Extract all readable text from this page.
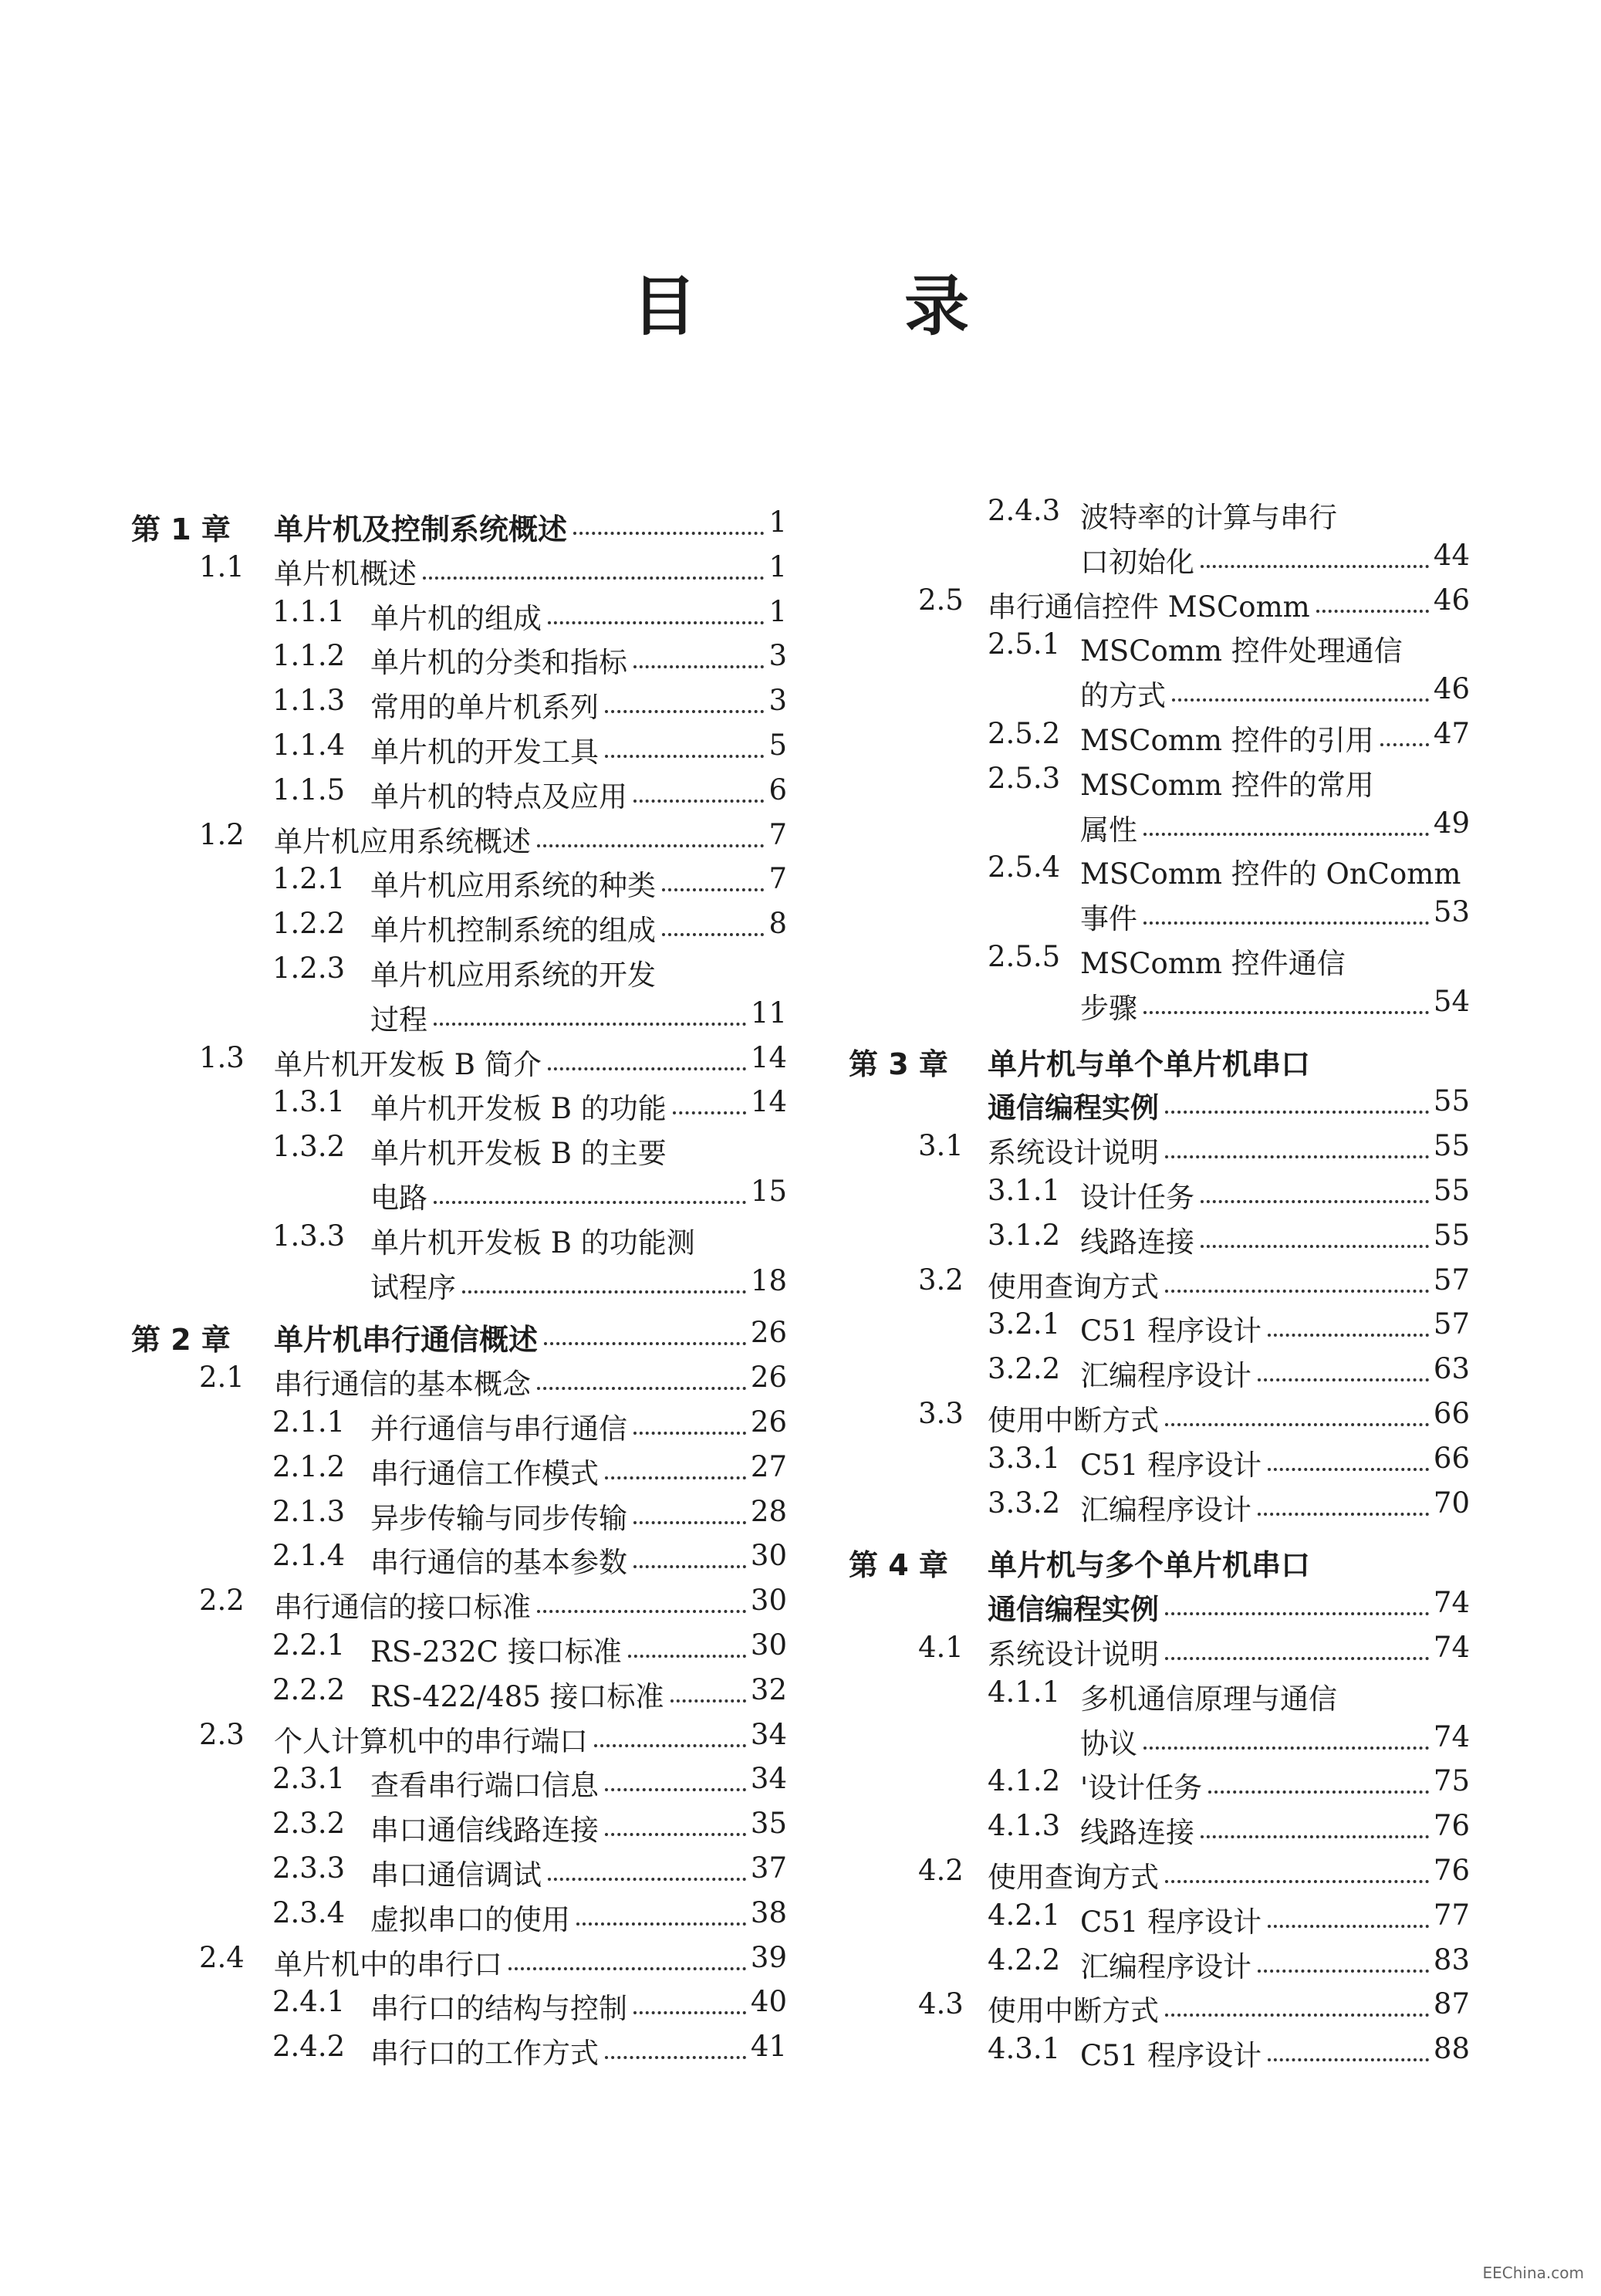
目 录
第 1 章 单片机及控制系统概述	1
1.1 单片机概述	1
1.1.1 单片机的组成	1
1.1.2 单片机的分类和指标	3
1.1.3 常用的单片机系列	3
1.1.4 单片机的开发工具	5
1.1.5 单片机的特点及应用	6
1.2 单片机应用系统概述	7
1.2.1 单片机应用系统的种类	7
1.2.2 单片机控制系统的组成	8
1.2.3 单片机应用系统的开发
过程	11
1.3 单片机开发板 B 简介	14
1.3.1 单片机开发板 B 的功能	14
1.3.2 单片机开发板 B 的主要
电路	15
1.3.3 单片机开发板 B 的功能测
试程序	18
第 2 章 单片机串行通信概述	26
2.1 串行通信的基本概念	26
2.1.1 并行通信与串行通信	26
2.1.2 串行通信工作模式	27
2.1.3 异步传输与同步传输	28
2.1.4 串行通信的基本参数	30
2.2 串行通信的接口标准	30
2.2.1 RS-232C 接口标准	30
2.2.2 RS-422/485 接口标准	32
2.3 个人计算机中的串行端口	34
2.3.1 查看串行端口信息	34
2.3.2 串口通信线路连接	35
2.3.3 串口通信调试	37
2.3.4 虚拟串口的使用	38
2.4 单片机中的串行口	39
2.4.1 串行口的结构与控制	40
2.4.2 串行口的工作方式	41
2.4.3 波特率的计算与串行
口初始化	44
2.5 串行通信控件 MSComm	46
2.5.1 MSComm 控件处理通信
的方式	46
2.5.2 MSComm 控件的引用 47
2.5.3 MSComm 控件的常用
属性	49
2.5.4 MSComm 控件的 OnComm
事件	53
2.5.5 MSComm 控件通信
步骤	54
第 3 章 单片机与单个单片机串口
通信编程实例	55
3.1 系统设计说明	55
3.1.1 设计任务	55
3.1.2 线路连接	55
3.2 使用查询方式	57
3.2.1 C51 程序设计	57
3.2.2 汇编程序设计	63
3.3 使用中断方式	66
3.3.1 C51 程序设计	66
3.3.2 汇编程序设计	70
第 4 章 单片机与多个单片机串口
通信编程实例	74
4.1 系统设计说明	74
4.1.1 多机通信原理与通信
协议	74
4.1.2 '设计任务	75
4.1.3 线路连接	76
4.2 使用查询方式	76
4.2.1 C51 程序设计	77
4.2.2 汇编程序设计	83
4.3 使用中断方式	87
4.3.1 C51 程序设计	88
EEChina.com
